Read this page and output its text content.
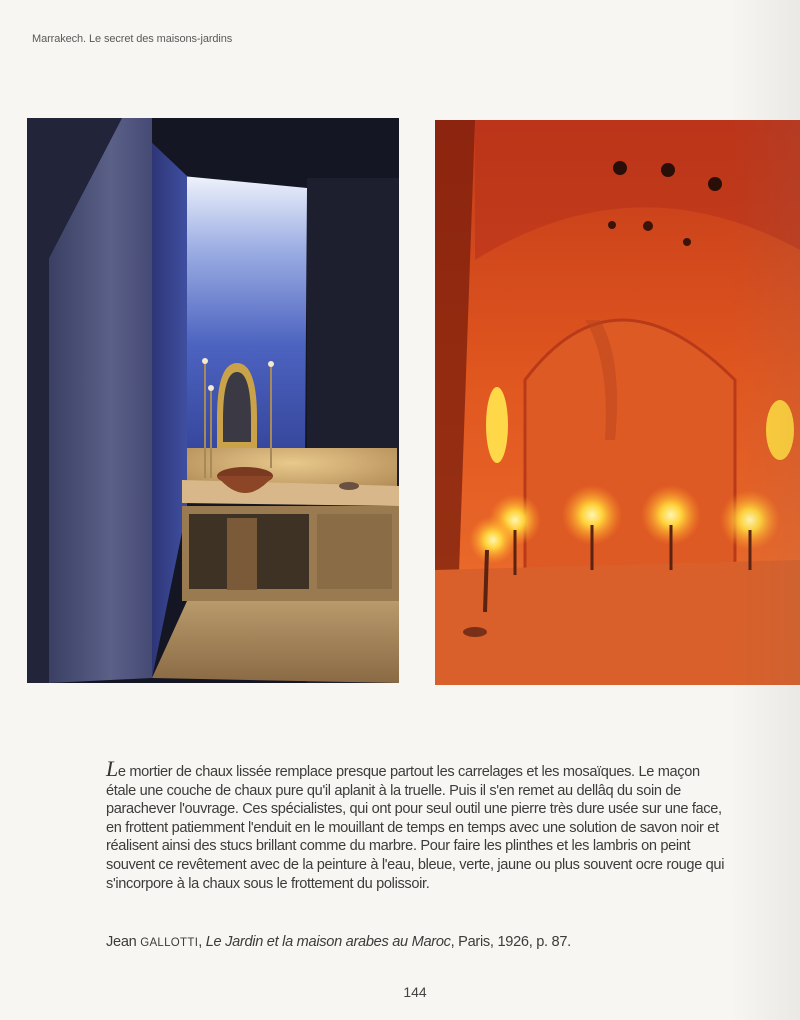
Marrakech. Le secret des maisons-jardins

Le mortier de chaux lissée remplace presque partout les carrelages et les mosaïques. Le maçon étale une couche de chaux pure qu'il aplanit à la truelle. Puis il s'en remet au dellâq du soin de parachever l'ouvrage. Ces spécialistes, qui ont pour seul outil une pierre très dure usée sur une face, en frottent patiemment l'enduit en le mouillant de temps en temps avec une solution de savon noir et réalisent ainsi des stucs brillant comme du marbre. Pour faire les plinthes et les lambris on peint souvent ce revêtement avec de la peinture à l'eau, bleue, verte, jaune ou plus souvent ocre rouge qui s'incorpore à la chaux sous le frottement du polissoir.

Jean GALLOTTI, Le Jardin et la maison arabes au Maroc, Paris, 1926, p. 87.

144
